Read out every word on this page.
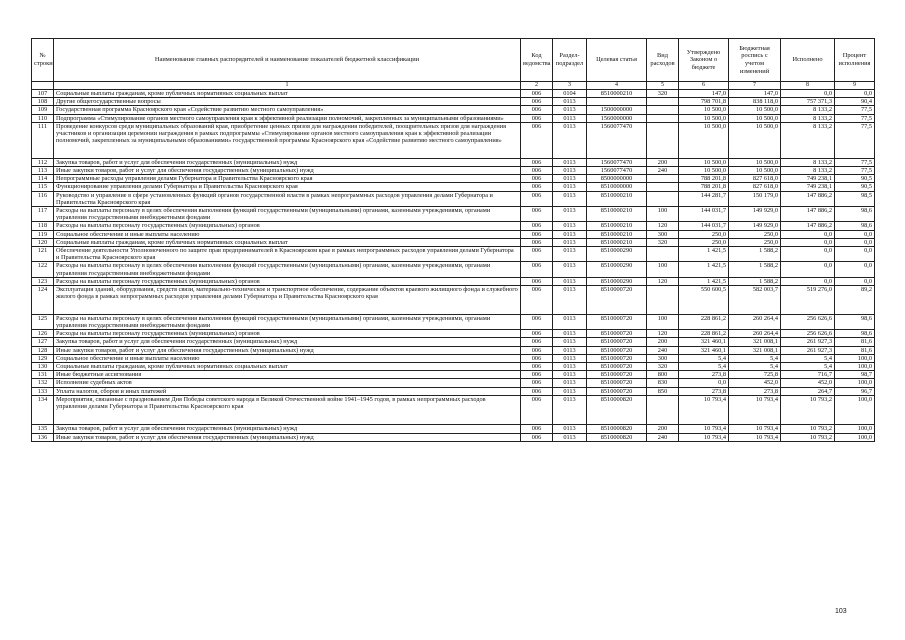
№ строки	Наименование главных распорядителей и наименование показателей бюджетной классификации	Код ведомства	Раздел-подраздел	Целевая статья	Вид расходов	Утверждено Законом о бюджете	Бюджетная роспись с учетом изменений	Исполнено	Процент исполнения
	1	2	3	4	5	6	7	8	9
107	Социальные выплаты гражданам, кроме публичных нормативных социальных выплат	006	0104	8510000210	320	147,0	147,0	0,0	0,0
108	Другие общегосударственные вопросы	006	0113			798 701,8	838 118,0	757 371,3	90,4
109	Государственная программа Красноярского края «Содействие развитию местного самоуправления»	006	0113	1500000000		10 500,0	10 500,0	8 133,2	77,5
110	Подпрограмма «Стимулирование органов местного самоуправления края к эффективной реализации полномочий, закрепленных за муниципальными образованиями»	006	0113	1560000000		10 500,0	10 500,0	8 133,2	77,5
111	Проведение конкурсов среди муниципальных образований края, приобретение ценных призов для награждения победителей, поощрительных призов для награждения участников и организация церемонии награждения в рамках подпрограммы «Стимулирование органов местного самоуправления края к эффективной реализации полномочий, закрепленных за муниципальными образованиями» государственной программы Красноярского края «Содействие развитию местного самоуправления»	006	0113	1560077470		10 500,0	10 500,0	8 133,2	77,5
112	Закупка товаров, работ и услуг для обеспечения государственных (муниципальных) нужд	006	0113	1560077470	200	10 500,0	10 500,0	8 133,2	77,5
113	Иные закупки товаров, работ и услуг для обеспечения государственных (муниципальных) нужд	006	0113	1560077470	240	10 500,0	10 500,0	8 133,2	77,5
114	Непрограммные расходы управления делами Губернатора и Правительства Красноярского края	006	0113	8500000000		788 201,8	827 618,0	749 238,1	90,5
115	Функционирование управления делами Губернатора и Правительства Красноярского края	006	0113	8510000000		788 201,8	827 618,0	749 238,1	90,5
116	Руководство и управление в сфере установленных функций органов государственной власти в рамках непрограммных расходов управления делами Губернатора и Правительства Красноярского края	006	0113	8510000210		144 281,7	150 179,0	147 886,2	98,5
117	Расходы на выплаты персоналу в целях обеспечения выполнения функций государственными (муниципальными) органами, казенными учреждениями, органами управления государственными внебюджетными фондами	006	0113	8510000210	100	144 031,7	149 929,0	147 886,2	98,6
118	Расходы на выплаты персоналу государственных (муниципальных) органов	006	0113	8510000210	120	144 031,7	149 929,0	147 886,2	98,6
119	Социальное обеспечение и иные выплаты населению	006	0113	8510000210	300	250,0	250,0	0,0	0,0
120	Социальные выплаты гражданам, кроме публичных нормативных социальных выплат	006	0113	8510000210	320	250,0	250,0	0,0	0,0
121	Обеспечение деятельности Уполномоченного по защите прав предпринимателей в Красноярском крае в рамках непрограммных расходов управления делами Губернатора и Правительства Красноярского края	006	0113	8510000290		1 421,5	1 588,2	0,0	0,0
122	Расходы на выплаты персоналу в целях обеспечения выполнения функций государственными (муниципальными) органами, казенными учреждениями, органами управления государственными внебюджетными фондами	006	0113	8510000290	100	1 421,5	1 588,2	0,0	0,0
123	Расходы на выплаты персоналу государственных (муниципальных) органов	006	0113	8510000290	120	1 421,5	1 588,2	0,0	0,0
124	Эксплуатация зданий, оборудования, средств связи, материально-техническое и транспортное обеспечение, содержание объектов краевого жилищного фонда и служебного жилого фонда в рамках непрограммных расходов управления делами Губернатора и Правительства Красноярского края	006	0113	8510000720		550 600,5	582 003,7	519 276,0	89,2
125	Расходы на выплаты персоналу в целях обеспечения выполнения функций государственными (муниципальными) органами, казенными учреждениями, органами управления государственными внебюджетными фондами	006	0113	8510000720	100	228 861,2	260 264,4	256 626,6	98,6
126	Расходы на выплаты персоналу государственных (муниципальных) органов	006	0113	8510000720	120	228 861,2	260 264,4	256 626,6	98,6
127	Закупка товаров, работ и услуг для обеспечения государственных (муниципальных) нужд	006	0113	8510000720	200	321 460,1	321 008,1	261 927,3	81,6
128	Иные закупки товаров, работ и услуг для обеспечения государственных (муниципальных) нужд	006	0113	8510000720	240	321 460,1	321 008,1	261 927,3	81,6
129	Социальное обеспечение и иные выплаты населению	006	0113	8510000720	300	5,4	5,4	5,4	100,0
130	Социальные выплаты гражданам, кроме публичных нормативных социальных выплат	006	0113	8510000720	320	5,4	5,4	5,4	100,0
131	Иные бюджетные ассигнования	006	0113	8510000720	800	273,8	725,8	716,7	98,7
132	Исполнение судебных актов	006	0113	8510000720	830	0,0	452,0	452,0	100,0
133	Уплата налогов, сборов и иных платежей	006	0113	8510000720	850	273,8	273,8	264,7	96,7
134	Мероприятия, связанные с празднованием Дня Победы советского народа в Великой Отечественной войне 1941–1945 годов, в рамках непрограммных расходов управления делами Губернатора и Правительства Красноярского края	006	0113	8510000820		10 793,4	10 793,4	10 793,2	100,0
135	Закупка товаров, работ и услуг для обеспечения государственных (муниципальных) нужд	006	0113	8510000820	200	10 793,4	10 793,4	10 793,2	100,0
136	Иные закупки товаров, работ и услуг для обеспечения государственных (муниципальных) нужд	006	0113	8510000820	240	10 793,4	10 793,4	10 793,2	100,0
103
